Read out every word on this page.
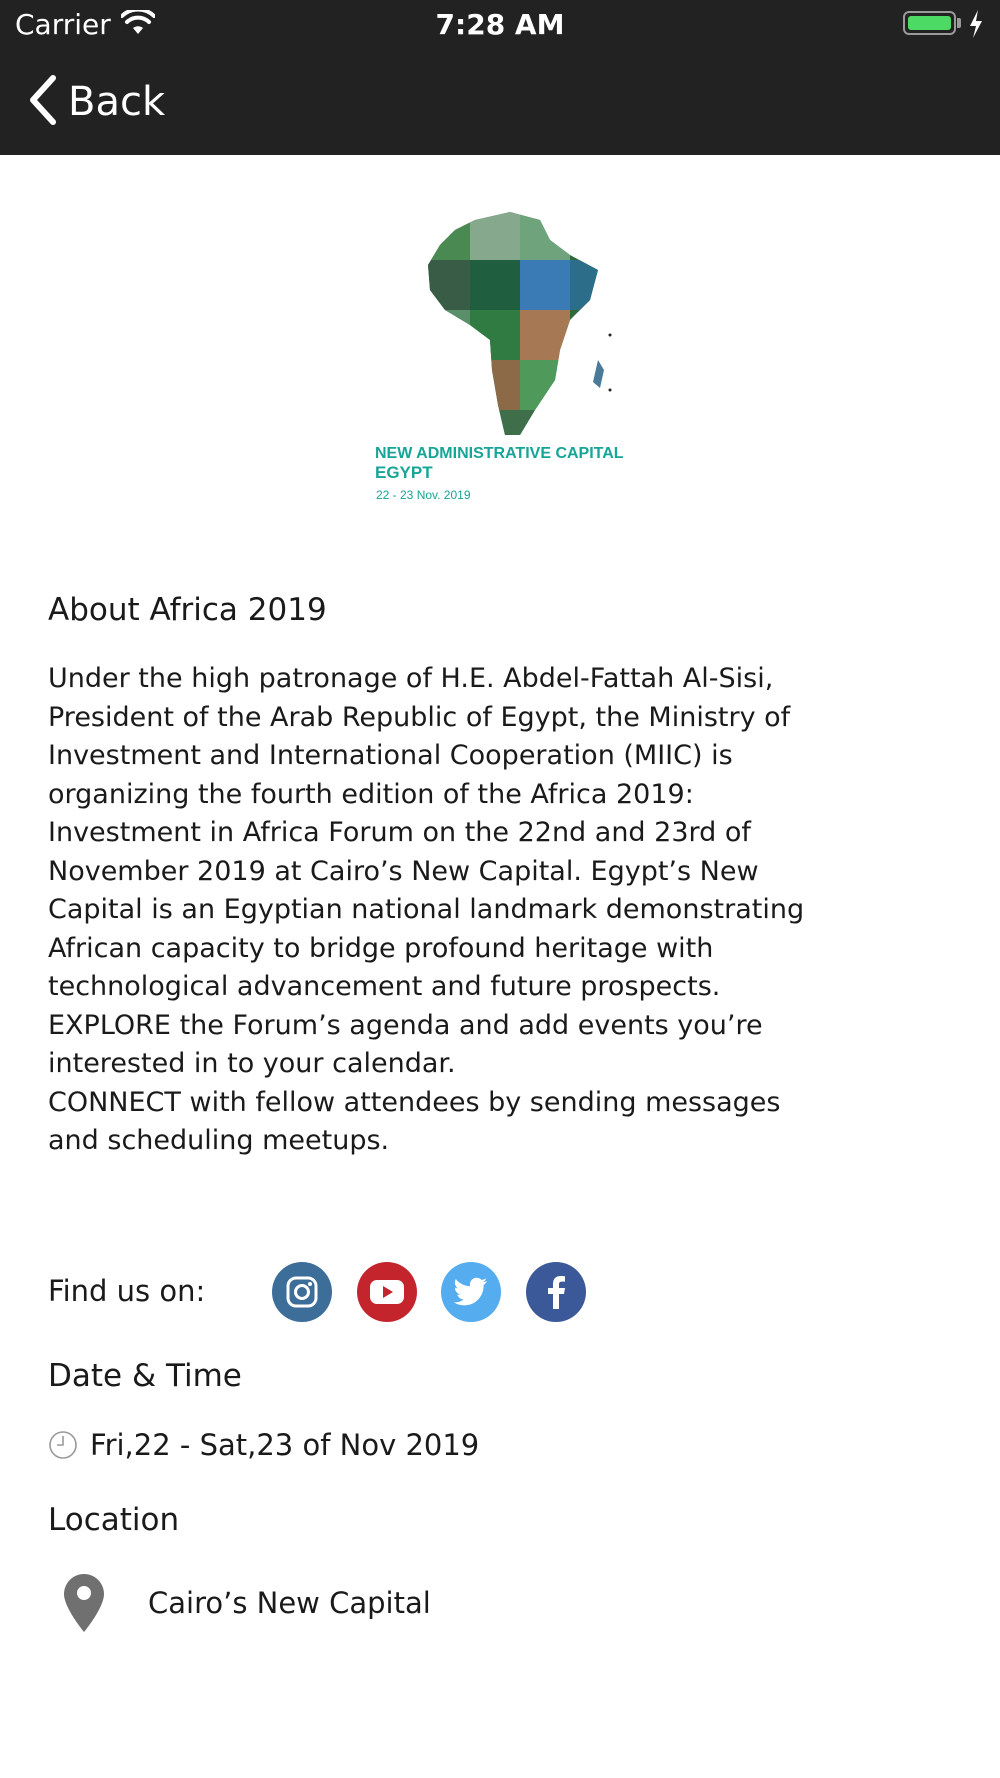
Carrier	7:28 AM
Back
NEW ADMINISTRATIVE CAPITAL
EGYPT
22 - 23 Nov. 2019
About Africa 2019
Under the high patronage of H.E. Abdel-Fattah Al-Sisi,
President of the Arab Republic of Egypt, the Ministry of
Investment and International Cooperation (MIIC) is
organizing the fourth edition of the Africa 2019:
Investment in Africa Forum on the 22nd and 23rd of
November 2019 at Cairo’s New Capital. Egypt’s New
Capital is an Egyptian national landmark demonstrating
African capacity to bridge profound heritage with
technological advancement and future prospects.
EXPLORE the Forum’s agenda and add events you’re
interested in to your calendar.
CONNECT with fellow attendees by sending messages
and scheduling meetups.
Find us on:
Date & Time
Fri,22 - Sat,23 of Nov 2019
Location
Cairo’s New Capital
